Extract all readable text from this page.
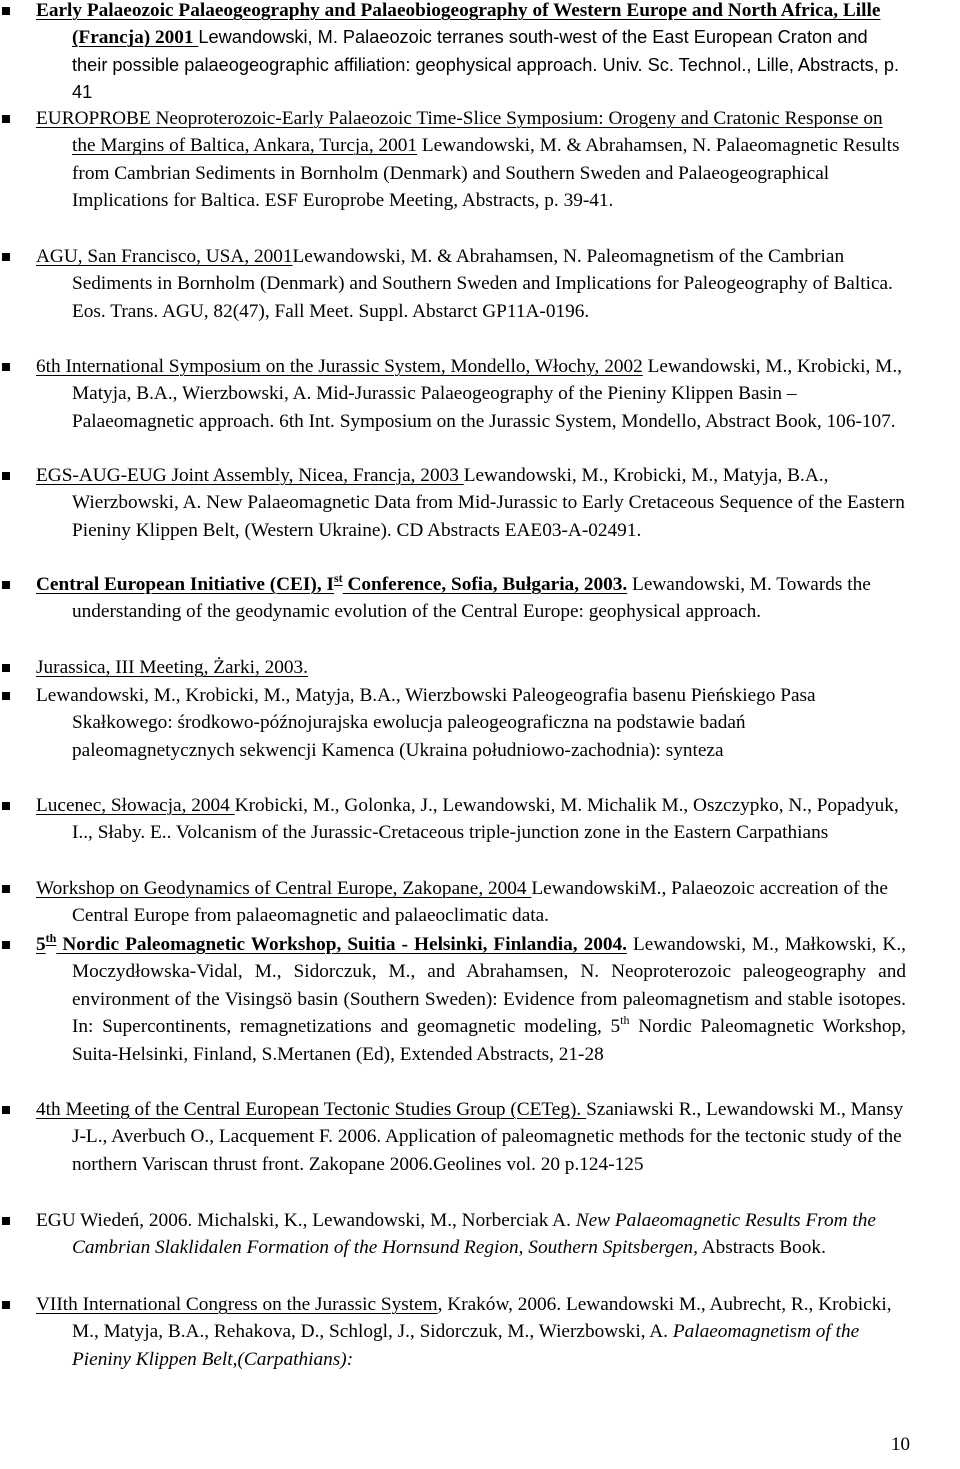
Early Palaeozoic Palaeogeography and Palaeobiogeography of Western Europe and North Africa, Lille (Francja) 2001 Lewandowski, M. Palaeozoic terranes south-west of the East European Craton and their possible palaeogeographic affiliation: geophysical approach. Univ. Sc. Technol., Lille, Abstracts, p. 41
EUROPROBE Neoproterozoic-Early Palaeozoic Time-Slice Symposium: Orogeny and Cratonic Response on the Margins of Baltica, Ankara, Turcja, 2001 Lewandowski, M. & Abrahamsen, N. Palaeomagnetic Results from Cambrian Sediments in Bornholm (Denmark) and Southern Sweden and Palaeogeographical Implications for Baltica. ESF Europrobe Meeting, Abstracts, p. 39-41.
AGU, San Francisco, USA, 2001Lewandowski, M. & Abrahamsen, N. Paleomagnetism of the Cambrian Sediments in Bornholm (Denmark) and Southern Sweden and Implications for Paleogeography of Baltica. Eos. Trans. AGU, 82(47), Fall Meet. Suppl. Abstarct GP11A-0196.
6th International Symposium on the Jurassic System, Mondello, Włochy, 2002 Lewandowski, M., Krobicki, M., Matyja, B.A., Wierzbowski, A. Mid-Jurassic Palaeogeography of the Pieniny Klippen Basin – Palaeomagnetic approach. 6th Int. Symposium on the Jurassic System, Mondello, Abstract Book, 106-107.
EGS-AUG-EUG Joint Assembly, Nicea, Francja, 2003 Lewandowski, M., Krobicki, M., Matyja, B.A., Wierzbowski, A. New Palaeomagnetic Data from Mid-Jurassic to Early Cretaceous Sequence of the Eastern Pieniny Klippen Belt, (Western Ukraine). CD Abstracts EAE03-A-02491.
Central European Initiative (CEI), Ist Conference, Sofia, Bułgaria, 2003. Lewandowski, M. Towards the understanding of the geodynamic evolution of the Central Europe: geophysical approach.
Jurassica, III Meeting, Żarki, 2003.
Lewandowski, M., Krobicki, M., Matyja, B.A., Wierzbowski Paleogeografia basenu Pieńskiego Pasa Skałkowego: środkowo-późnojurajska ewolucja paleogeograficzna na podstawie badań paleomagnetycznych sekwencji Kamenca (Ukraina południowo-zachodnia): synteza
Lucenec, Słowacja, 2004 Krobicki, M., Golonka, J., Lewandowski, M. Michalik M., Oszczypko, N., Popadyuk, I.., Słaby. E.. Volcanism of the Jurassic-Cretaceous triple-junction zone in the Eastern Carpathians
Workshop on Geodynamics of Central Europe, Zakopane, 2004 LewandowskiM., Palaeozoic accreation of the Central Europe from palaeomagnetic and palaeoclimatic data.
5th Nordic Paleomagnetic Workshop, Suitia - Helsinki, Finlandia, 2004. Lewandowski, M., Małkowski, K., Moczydłowska-Vidal, M., Sidorczuk, M., and Abrahamsen, N. Neoproterozoic paleogeography and environment of the Visingsö basin (Southern Sweden): Evidence from paleomagnetism and stable isotopes. In: Supercontinents, remagnetizations and geomagnetic modeling, 5th Nordic Paleomagnetic Workshop, Suita-Helsinki, Finland, S.Mertanen (Ed), Extended Abstracts, 21-28
4th Meeting of the Central European Tectonic Studies Group (CETeg). Szaniawski R., Lewandowski M., Mansy J-L., Averbuch O., Lacquement F. 2006. Application of paleomagnetic methods for the tectonic study of the northern Variscan thrust front. Zakopane 2006.Geolines vol. 20 p.124-125
EGU Wiedeń, 2006. Michalski, K., Lewandowski, M., Norberciak A. New Palaeomagnetic Results From the Cambrian Slaklidalen Formation of the Hornsund Region, Southern Spitsbergen, Abstracts Book.
VIIth International Congress on the Jurassic System, Kraków, 2006. Lewandowski M., Aubrecht, R., Krobicki, M., Matyja, B.A., Rehakova, D., Schlogl, J., Sidorczuk, M., Wierzbowski, A. Palaeomagnetism of the Pieniny Klippen Belt,(Carpathians):
10
